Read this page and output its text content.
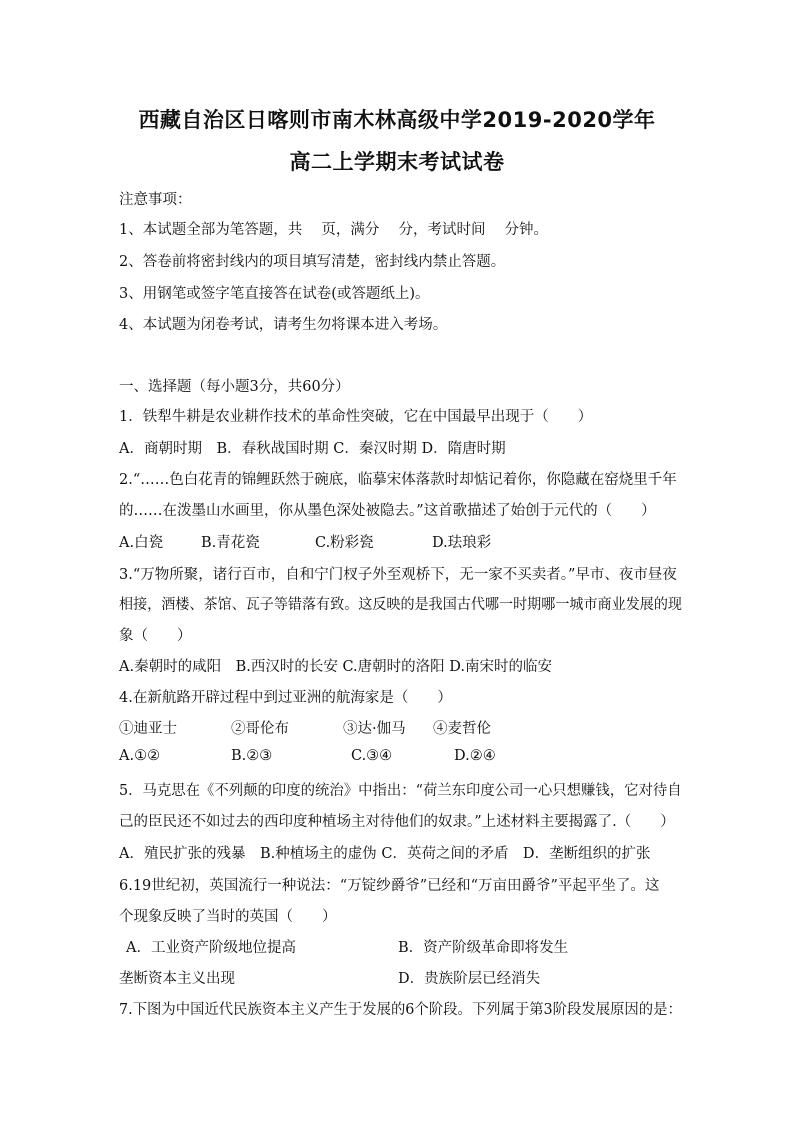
西藏自治区日喀则市南木林高级中学2019-2020学年
高二上学期末考试试卷
注意事项：
1、本试题全部为笔答题，共　 页，满分　 分，考试时间　 分钟。
2、答卷前将密封线内的项目填写清楚，密封线内禁止答题。
3、用钢笔或签字笔直接答在试卷(或答题纸上)。
4、本试题为闭卷考试，请考生勿将课本进入考场。
一、选择题（每小题3分，共60分）
1．铁犁牛耕是农业耕作技术的革命性突破，它在中国最早出现于（　　）
A．商朝时期　B．春秋战国时期 C．秦汉时期 D．隋唐时期
2.“……色白花青的锦鲤跃然于碗底，临摹宋体落款时却惦记着你，你隐藏在窑烧里千年
的……在泼墨山水画里，你从墨色深处被隐去。”这首歌描述了始创于元代的（　　）
A.白瓷	B.青花瓷	C.粉彩瓷	D.珐琅彩
3.“万物所聚，诸行百市，自和宁门杈子外至观桥下，无一家不买卖者。”早市、夜市昼夜
相接，酒楼、茶馆、瓦子等错落有致。这反映的是我国古代哪一时期哪一城市商业发展的现
象（　　）
A.秦朝时的咸阳　B.西汉时的长安 C.唐朝时的洛阳 D.南宋时的临安
4.在新航路开辟过程中到过亚洲的航海家是（　　）
①迪亚士	②哥伦布	③达·伽马 ④麦哲伦
A.①②	B.②③	C.③④	D.②④
5．马克思在《不列颠的印度的统治》中指出：“荷兰东印度公司一心只想赚钱，它对待自
己的臣民还不如过去的西印度种植场主对待他们的奴隶。”上述材料主要揭露了.（　　）
A．殖民扩张的残暴　B.种植场主的虚伪 C．英荷之间的矛盾　D．垄断组织的扩张
6.19世纪初，英国流行一种说法：“万锭纱爵爷”已经和“万亩田爵爷”平起平坐了。这
个现象反映了当时的英国（　　）
A．工业资产阶级地位提高	B．资产阶级革命即将发生
垄断资本主义出现	D．贵族阶层已经消失
7.下图为中国近代民族资本主义产生于发展的6个阶段。下列属于第3阶段发展原因的是：
